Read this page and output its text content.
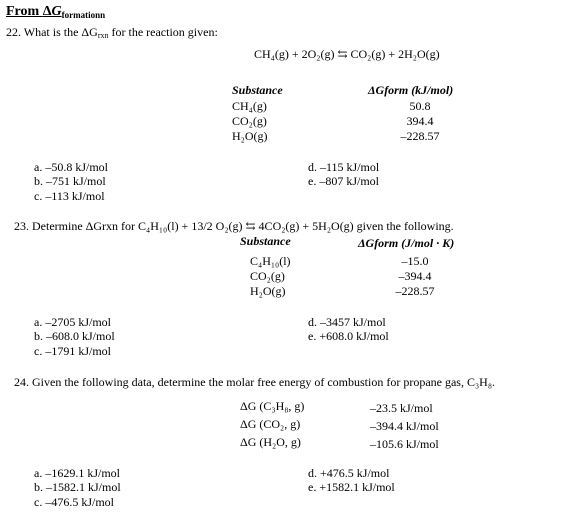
From $\Delta G_{formationn}$
22. What is the $\Delta G_{rxn}$ for the reaction given:
CH₄(g) + 2O₂(g) ⇆ CO₂(g) + 2H₂O(g)
Substance	ΔGform (kJ/mol)
CH₄(g)
CO₂(g)
H₂O(g)
50.8
394.4
–228.57
a. –50.8 kJ/mol
b. –751 kJ/mol
c. –113 kJ/mol
d. –115 kJ/mol
e. –807 kJ/mol
23. Determine ΔGrxn for C₄H₁₀(l) + 13/2 O₂(g) ⇆ 4CO₂(g) + 5H₂O(g) given the following.
Substance	ΔGform (J/mol · K)
C₄H₁₀(l)
CO₂(g)
H₂O(g)
–15.0
–394.4
–228.57
a. –2705 kJ/mol
b. –608.0 kJ/mol
c. –1791 kJ/mol
d. –3457 kJ/mol
e. +608.0 kJ/mol
24. Given the following data, determine the molar free energy of combustion for propane gas, C₃H₈.
ΔG (C₃H₈, g)
ΔG (CO₂, g)
ΔG (H₂O, g)
–23.5 kJ/mol
–394.4 kJ/mol
–105.6 kJ/mol
a. –1629.1 kJ/mol
b. –1582.1 kJ/mol
c. –476.5 kJ/mol
d. +476.5 kJ/mol
e. +1582.1 kJ/mol
